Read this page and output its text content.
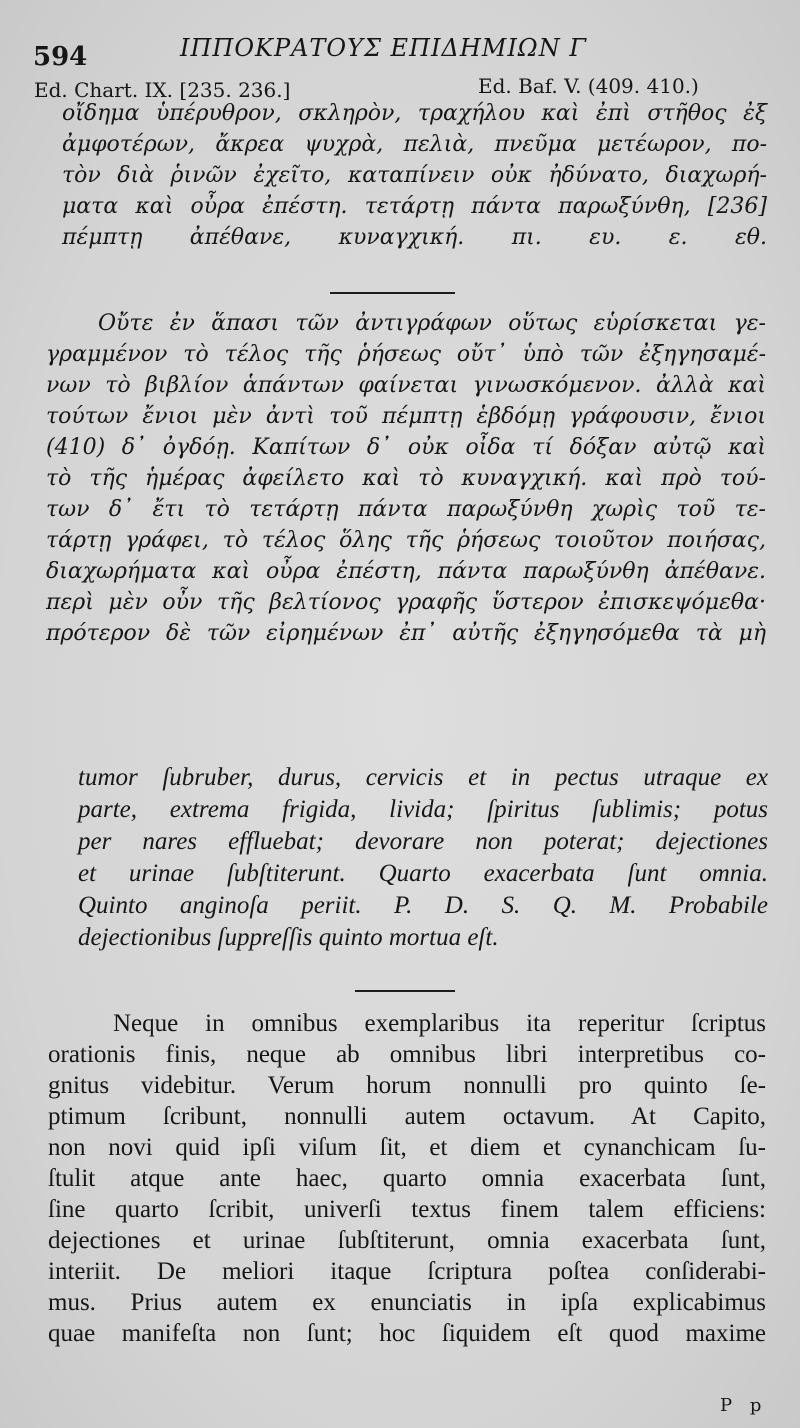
594	ΙΠΠΟΚΡΑΤΟΥΣ ΕΠΙΔΗΜΙΩΝ Γ
Ed. Chart. IX. [235. 236.]	Ed. Baf. V. (409. 410.)
οἴδημα ὑπέρυθρον, σκληρὸν, τραχήλου καὶ ἐπὶ στῆθος ἐξ
ἀμφοτέρων, ἄκρεα ψυχρὰ, πελιὰ, πνεῦμα μετέωρον, πο-
τὸν διὰ ῥινῶν ἐχεῖτο, καταπίνειν οὐκ ἠδύνατο, διαχωρή-
ματα καὶ οὖρα ἐπέστη. τετάρτῃ πάντα παρωξύνθη, [236]
πέμπτῃ ἀπέθανε, κυναγχική. πι. ευ. ε. εθ.
Οὔτε ἐν ἅπασι τῶν ἀντιγράφων οὕτως εὑρίσκεται γε-
γραμμένον τὸ τέλος τῆς ῥήσεως οὔτ᾽ ὑπὸ τῶν ἐξηγησαμέ-
νων τὸ βιβλίον ἁπάντων φαίνεται γινωσκόμενον. ἀλλὰ καὶ
τούτων ἔνιοι μὲν ἀντὶ τοῦ πέμπτῃ ἑβδόμῃ γράφουσιν, ἔνιοι
(410) δ᾽ ὀγδόῃ. Καπίτων δ᾽ οὐκ οἶδα τί δόξαν αὐτῷ καὶ
τὸ τῆς ἡμέρας ἀφείλετο καὶ τὸ κυναγχική. καὶ πρὸ τού-
των δ᾽ ἔτι τὸ τετάρτῃ πάντα παρωξύνθη χωρὶς τοῦ τε-
τάρτῃ γράφει, τὸ τέλος ὅλης τῆς ῥήσεως τοιοῦτον ποιήσας,
διαχωρήματα καὶ οὖρα ἐπέστη, πάντα παρωξύνθη ἀπέθανε.
περὶ μὲν οὖν τῆς βελτίονος γραφῆς ὕστερον ἐπισκεψόμεθα·
πρότερον δὲ τῶν εἰρημένων ἐπ᾽ αὐτῆς ἐξηγησόμεθα τὰ μὴ
tumor ſubruber, durus, cervicis et in pectus utraque ex
parte, extrema frigida, livida; ſpiritus ſublimis; potus
per nares effluebat; devorare non poterat; dejectiones
et urinae ſubſtiterunt. Quarto exacerbata ſunt omnia.
Quinto anginoſa periit. P. D. S. Q. M. Probabile
dejectionibus ſuppreſſis quinto mortua eſt.
Neque in omnibus exemplaribus ita reperitur ſcriptus
orationis finis, neque ab omnibus libri interpretibus co-
gnitus videbitur. Verum horum nonnulli pro quinto ſe-
ptimum ſcribunt, nonnulli autem octavum. At Capito,
non novi quid ipſi viſum ſit, et diem et cynanchicam ſu-
ſtulit atque ante haec, quarto omnia exacerbata ſunt,
ſine quarto ſcribit, univerſi textus finem talem efficiens:
dejectiones et urinae ſubſtiterunt, omnia exacerbata ſunt,
interiit. De meliori itaque ſcriptura poſtea conſiderabi-
mus. Prius autem ex enunciatis in ipſa explicabimus
quae manifeſta non ſunt; hoc ſiquidem eſt quod maxime
P p
